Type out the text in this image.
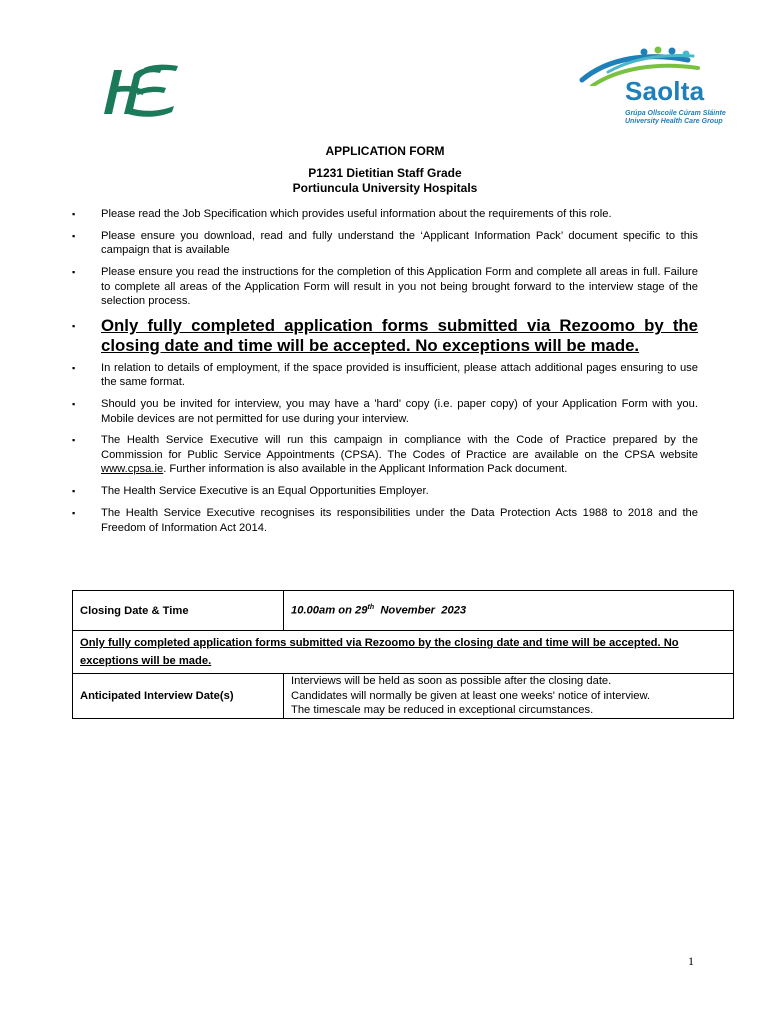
Saolta
Grúpa Ollscoile Cúram Sláinte
University Health Care Group
APPLICATION FORM
P1231 Dietitian Staff Grade
Portiuncula University Hospitals
▪ Please read the Job Specification which provides useful information about the requirements of this role.
▪ Please ensure you download, read and fully understand the ‘Applicant Information Pack’ document specific to this campaign that is available
▪ Please ensure you read the instructions for the completion of this Application Form and complete all areas in full. Failure to complete all areas of the Application Form will result in you not being brought forward to the interview stage of the selection process.
▪ Only fully completed application forms submitted via Rezoomo by the closing date and time will be accepted. No exceptions will be made.
▪ In relation to details of employment, if the space provided is insufficient, please attach additional pages ensuring to use the same format.
▪ Should you be invited for interview, you may have a 'hard' copy (i.e. paper copy) of your Application Form with you. Mobile devices are not permitted for use during your interview.
▪ The Health Service Executive will run this campaign in compliance with the Code of Practice prepared by the Commission for Public Service Appointments (CPSA). The Codes of Practice are available on the CPSA website www.cpsa.ie. Further information is also available in the Applicant Information Pack document.
▪ The Health Service Executive is an Equal Opportunities Employer.
▪ The Health Service Executive recognises its responsibilities under the Data Protection Acts 1988 to 2018 and the Freedom of Information Act 2014.
Closing Date & Time	10.00am on 29th  November  2023
Only fully completed application forms submitted via Rezoomo by the closing date and time will be accepted. No exceptions will be made.	
Anticipated Interview Date(s)	Interviews will be held as soon as possible after the closing date.
Candidates will normally be given at least one weeks' notice of interview.
The timescale may be reduced in exceptional circumstances.
1
